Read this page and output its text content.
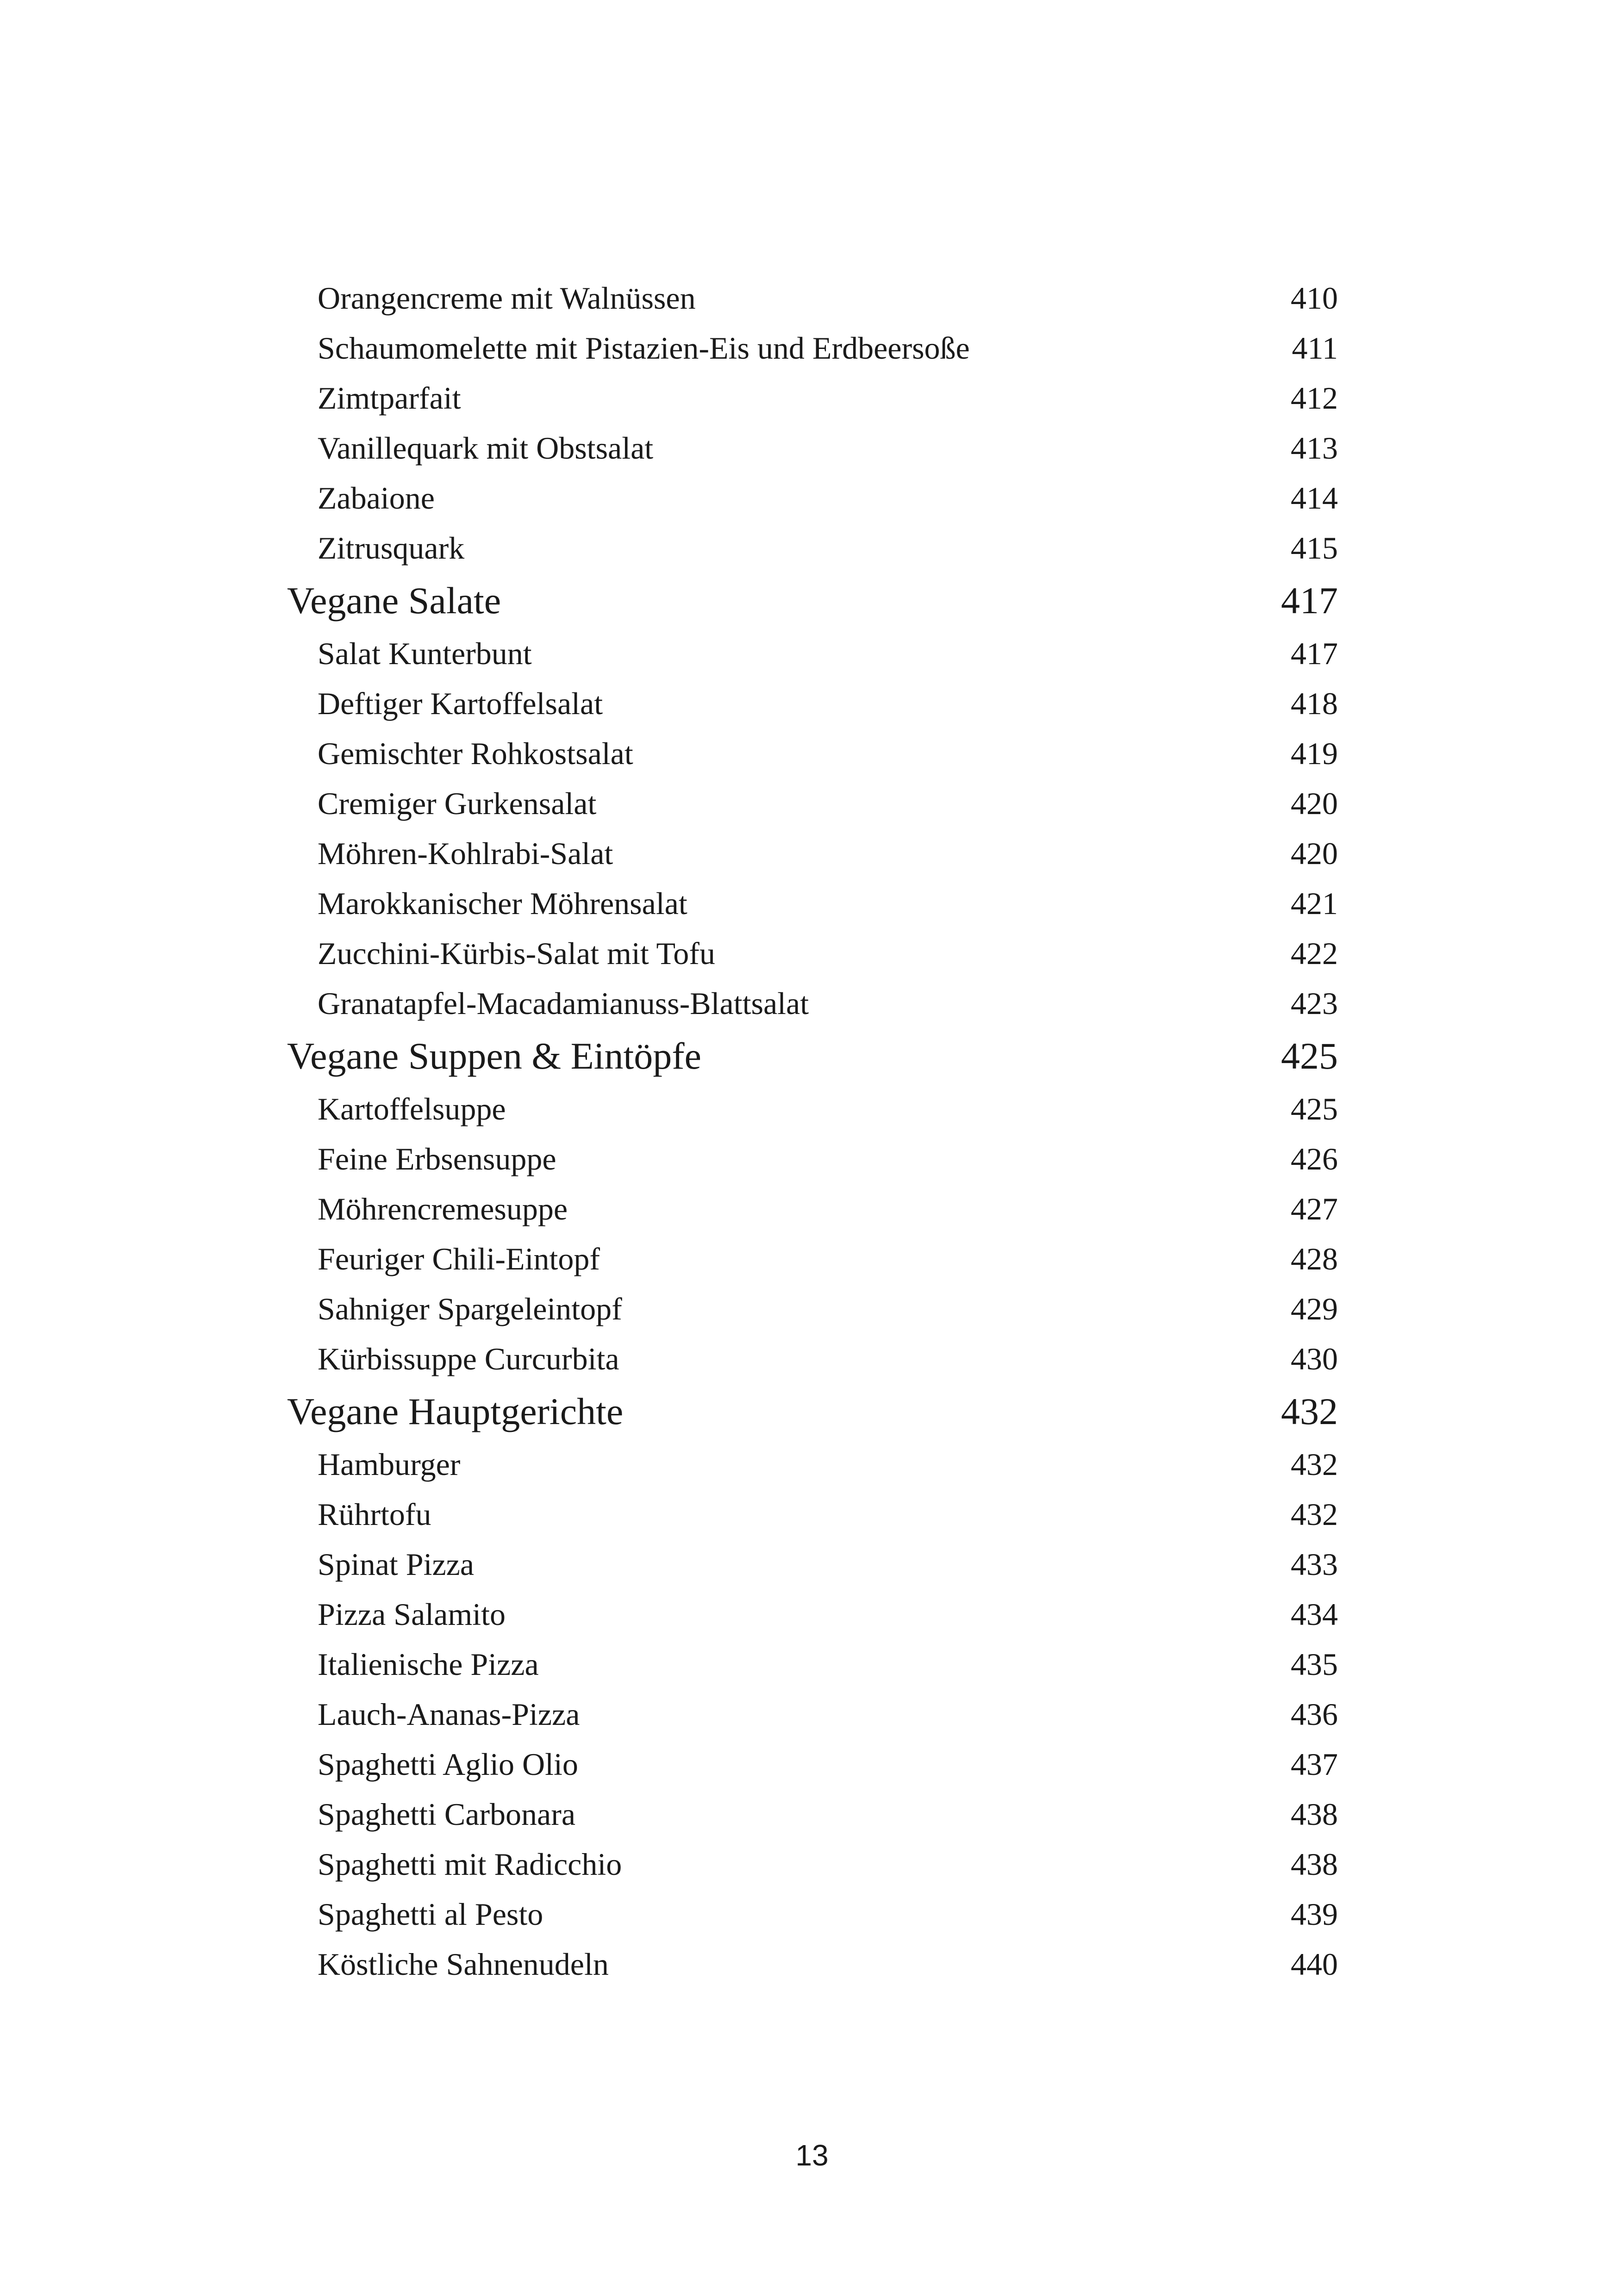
Orangencreme mit Walnüssen	410
Schaumomelette mit Pistazien-Eis und Erdbeersoße	411
Zimtparfait	412
Vanillequark mit Obstsalat	413
Zabaione	414
Zitrusquark	415
Vegane Salate	417
Salat Kunterbunt	417
Deftiger Kartoffelsalat	418
Gemischter Rohkostsalat	419
Cremiger Gurkensalat	420
Möhren-Kohlrabi-Salat	420
Marokkanischer Möhrensalat	421
Zucchini-Kürbis-Salat mit Tofu	422
Granatapfel-Macadamianuss-Blattsalat	423
Vegane Suppen & Eintöpfe	425
Kartoffelsuppe	425
Feine Erbsensuppe	426
Möhrencremesuppe	427
Feuriger Chili-Eintopf	428
Sahniger Spargeleintopf	429
Kürbissuppe Curcurbita	430
Vegane Hauptgerichte	432
Hamburger	432
Rührtofu	432
Spinat Pizza	433
Pizza Salamito	434
Italienische Pizza	435
Lauch-Ananas-Pizza	436
Spaghetti Aglio Olio	437
Spaghetti Carbonara	438
Spaghetti mit Radicchio	438
Spaghetti al Pesto	439
Köstliche Sahnenudeln	440
13
